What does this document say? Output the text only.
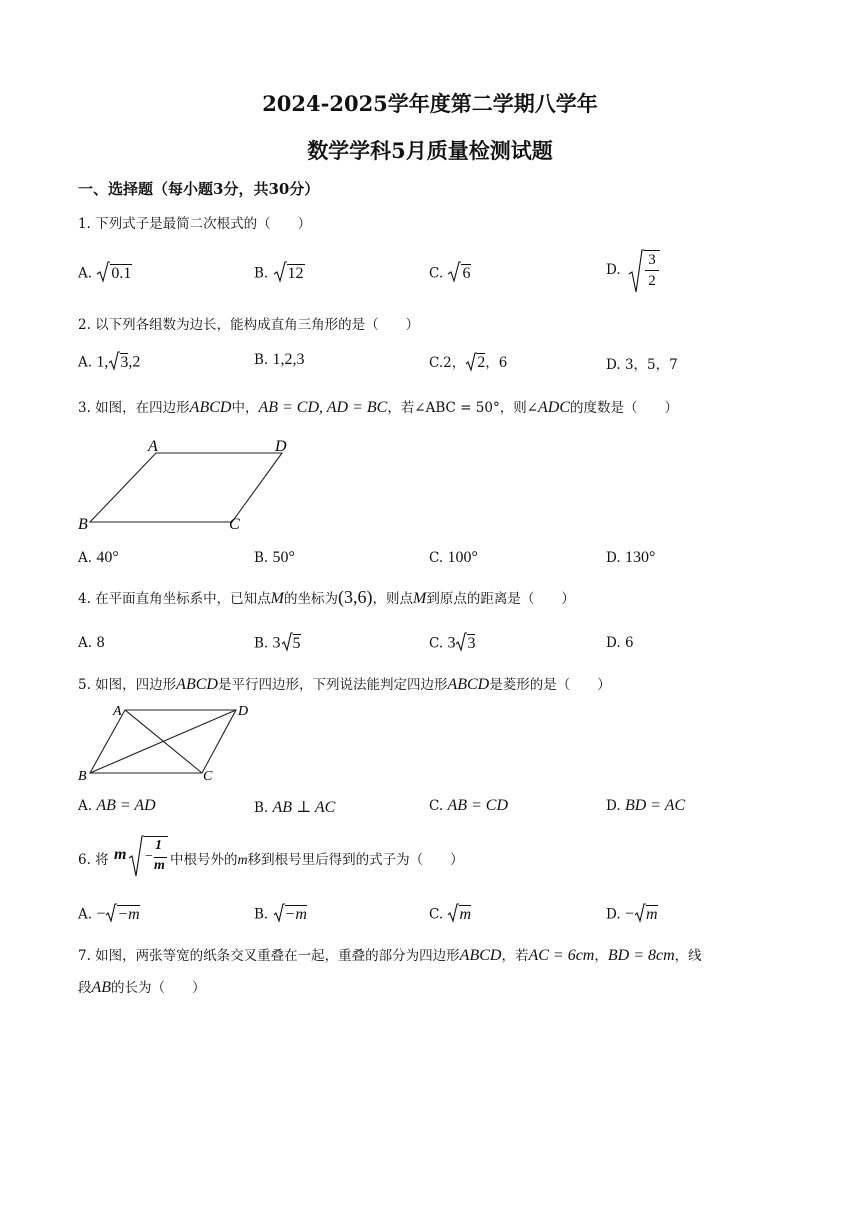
2024-2025学年度第二学期八学年
数学学科5月质量检测试题
一、选择题（每小题3分，共30分）
1. 下列式子是最简二次根式的（　　）
A. 0.1	B. 12	C. 6	D.
3
2
2. 以下列各组数为边长，能构成直角三角形的是（　　）
A. 1, 3,2	B. 1,2,3	C.2， 2，6	D. 3，5，7
3. 如图，在四边形ABCD中，AB = CD, AD = BC，若∠ABC = 50°，则∠ADC的度数是（　　）
A	D
B	C
A. 40°	B. 50°	C. 100°	D. 130°
4. 在平面直角坐标系中，已知点M的坐标为(3,6)，则点M到原点的距离是（　　）
A. 8	B. 3 5	C. 3 3	D. 6
5. 如图，四边形ABCD是平行四边形，下列说法能判定四边形ABCD是菱形的是（　　）
A	D
B	C
A. AB = AD	B. AB ⊥ AC	C. AB = CD	D. BD = AC
6. 将 m −
1
m 中根号外的m移到根号里后得到的式子为（　　）
A. − −m	B. −m	C. m	D. − m
7. 如图，两张等宽的纸条交叉重叠在一起，重叠的部分为四边形ABCD，若AC = 6cm，BD = 8cm，线
段AB的长为（　　）
